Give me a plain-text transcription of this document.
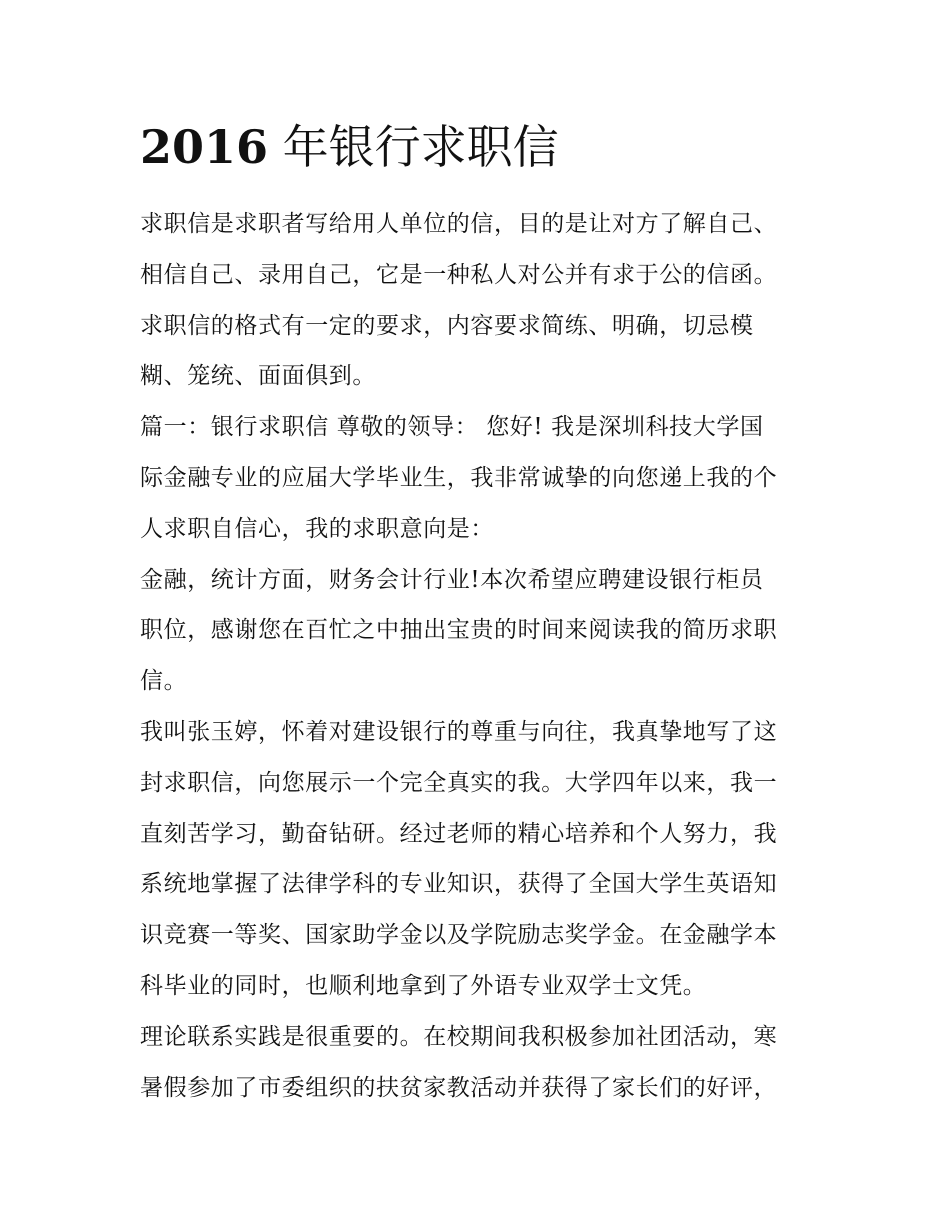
2016 年银行求职信

求职信是求职者写给用人单位的信，目的是让对方了解自己、
相信自己、录用自己，它是一种私人对公并有求于公的信函。
求职信的格式有一定的要求，内容要求简练、明确，切忌模
糊、笼统、面面俱到。

篇一：银行求职信 尊敬的领导： 您好! 我是深圳科技大学国
际金融专业的应届大学毕业生，我非常诚挚的向您递上我的个
人求职自信心，我的求职意向是：

金融，统计方面，财务会计行业!本次希望应聘建设银行柜员
职位，感谢您在百忙之中抽出宝贵的时间来阅读我的简历求职
信。

我叫张玉婷，怀着对建设银行的尊重与向往，我真挚地写了这
封求职信，向您展示一个完全真实的我。大学四年以来，我一
直刻苦学习，勤奋钻研。经过老师的精心培养和个人努力，我
系统地掌握了法律学科的专业知识，获得了全国大学生英语知
识竞赛一等奖、国家助学金以及学院励志奖学金。在金融学本
科毕业的同时，也顺利地拿到了外语专业双学士文凭。

理论联系实践是很重要的。在校期间我积极参加社团活动，寒
暑假参加了市委组织的扶贫家教活动并获得了家长们的好评，
